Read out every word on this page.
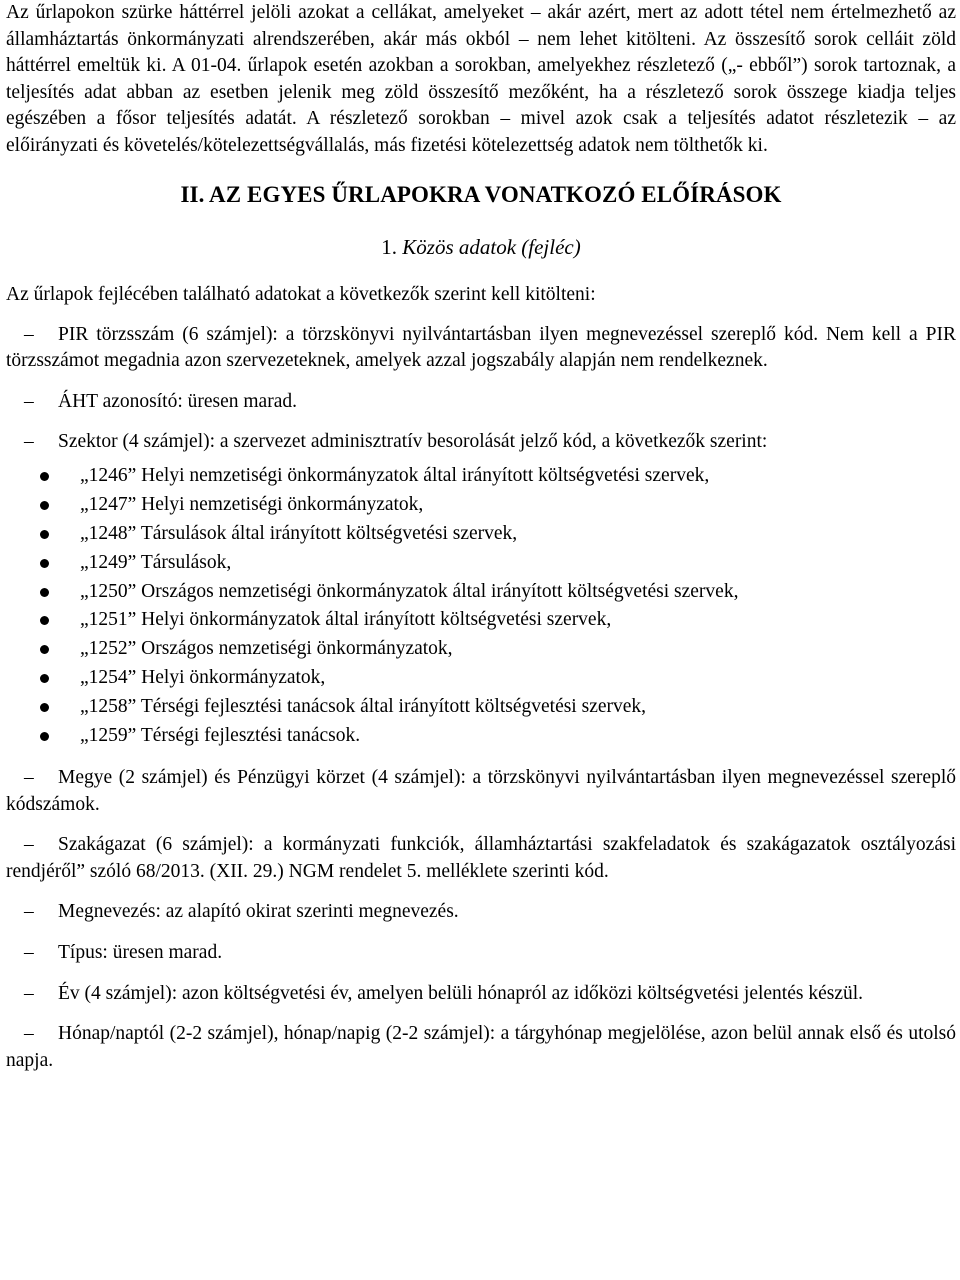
Az űrlapokon szürke háttérrel jelöli azokat a cellákat, amelyeket – akár azért, mert az adott tétel nem értelmezhető az államháztartás önkormányzati alrendszerében, akár más okból – nem lehet kitölteni. Az összesítő sorok celláit zöld háttérrel emeltük ki. A 01-04. űrlapok esetén azokban a sorokban, amelyekhez részletező („- ebből”) sorok tartoznak, a teljesítés adat abban az esetben jelenik meg zöld összesítő mezőként, ha a részletező sorok összege kiadja teljes egészében a fősor teljesítés adatát. A részletező sorokban – mivel azok csak a teljesítés adatot részletezik – az előirányzati és követelés/kötelezettségvállalás, más fizetési kötelezettség adatok nem tölthetők ki.

II. AZ EGYES ŰRLAPOKRA VONATKOZÓ ELŐÍRÁSOK
1. Közös adatok (fejléc)

Az űrlapok fejlécében található adatokat a következők szerint kell kitölteni:

– PIR törzsszám (6 számjel): a törzskönyvi nyilvántartásban ilyen megnevezéssel szereplő kód. Nem kell a PIR törzsszámot megadnia azon szervezeteknek, amelyek azzal jogszabály alapján nem rendelkeznek.

– ÁHT azonosító: üresen marad.

– Szektor (4 számjel): a szervezet adminisztratív besorolását jelző kód, a következők szerint:

„1246” Helyi nemzetiségi önkormányzatok által irányított költségvetési szervek,
„1247” Helyi nemzetiségi önkormányzatok,
„1248” Társulások által irányított költségvetési szervek,
„1249” Társulások,
„1250” Országos nemzetiségi önkormányzatok által irányított költségvetési szervek,
„1251” Helyi önkormányzatok által irányított költségvetési szervek,
„1252” Országos nemzetiségi önkormányzatok,
„1254” Helyi önkormányzatok,
„1258” Térségi fejlesztési tanácsok által irányított költségvetési szervek,
„1259” Térségi fejlesztési tanácsok.

– Megye (2 számjel) és Pénzügyi körzet (4 számjel): a törzskönyvi nyilvántartásban ilyen megnevezéssel szereplő kódszámok.

– Szakágazat (6 számjel): a kormányzati funkciók, államháztartási szakfeladatok és szakágazatok osztályozási rendjéről” szóló 68/2013. (XII. 29.) NGM rendelet 5. melléklete szerinti kód.

– Megnevezés: az alapító okirat szerinti megnevezés.

– Típus: üresen marad.

– Év (4 számjel): azon költségvetési év, amelyen belüli hónapról az időközi költségvetési jelentés készül.

– Hónap/naptól (2-2 számjel), hónap/napig (2-2 számjel): a tárgyhónap megjelölése, azon belül annak első és utolsó napja.
